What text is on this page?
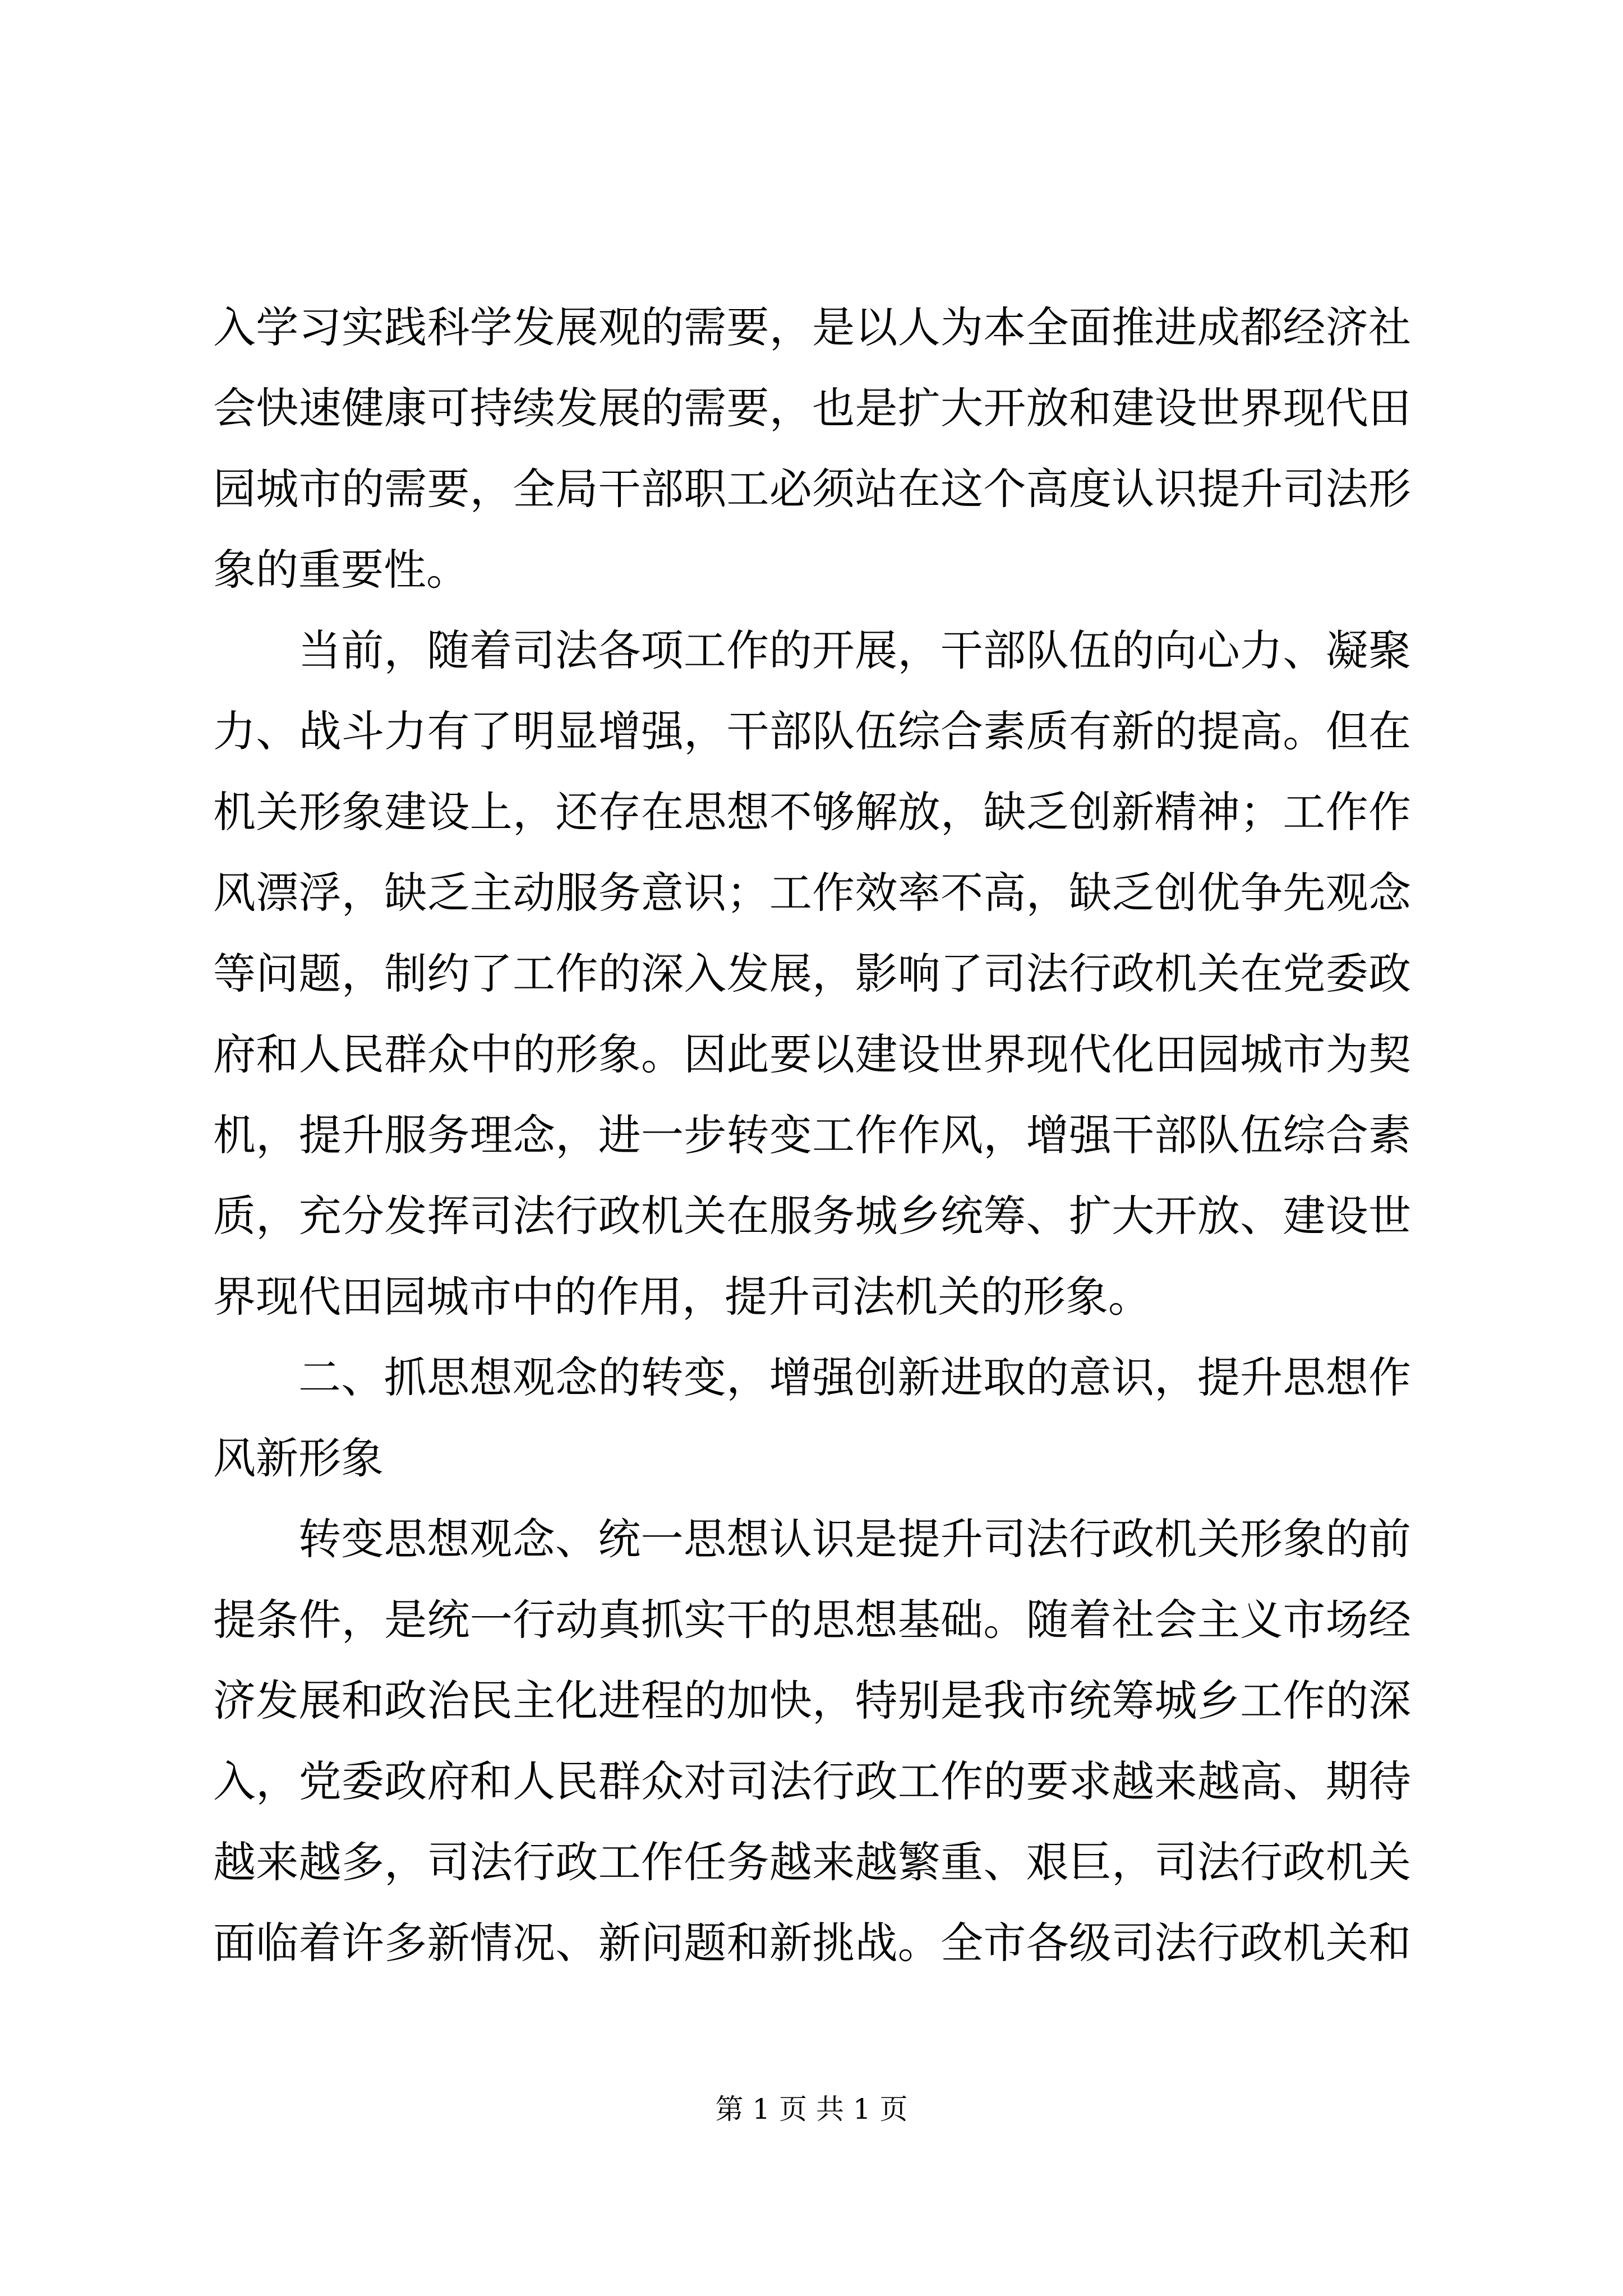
入学习实践科学发展观的需要，是以人为本全面推进成都经济社
会快速健康可持续发展的需要，也是扩大开放和建设世界现代田
园城市的需要，全局干部职工必须站在这个高度认识提升司法形
象的重要性。
当前，随着司法各项工作的开展，干部队伍的向心力、凝聚
力、战斗力有了明显增强，干部队伍综合素质有新的提高。但在
机关形象建设上，还存在思想不够解放，缺乏创新精神；工作作
风漂浮，缺乏主动服务意识；工作效率不高，缺乏创优争先观念
等问题，制约了工作的深入发展，影响了司法行政机关在党委政
府和人民群众中的形象。因此要以建设世界现代化田园城市为契
机，提升服务理念，进一步转变工作作风，增强干部队伍综合素
质，充分发挥司法行政机关在服务城乡统筹、扩大开放、建设世
界现代田园城市中的作用，提升司法机关的形象。
二、抓思想观念的转变，增强创新进取的意识，提升思想作
风新形象
转变思想观念、统一思想认识是提升司法行政机关形象的前
提条件，是统一行动真抓实干的思想基础。随着社会主义市场经
济发展和政治民主化进程的加快，特别是我市统筹城乡工作的深
入，党委政府和人民群众对司法行政工作的要求越来越高、期待
越来越多，司法行政工作任务越来越繁重、艰巨，司法行政机关
面临着许多新情况、新问题和新挑战。全市各级司法行政机关和
第 1 页 共 1 页
